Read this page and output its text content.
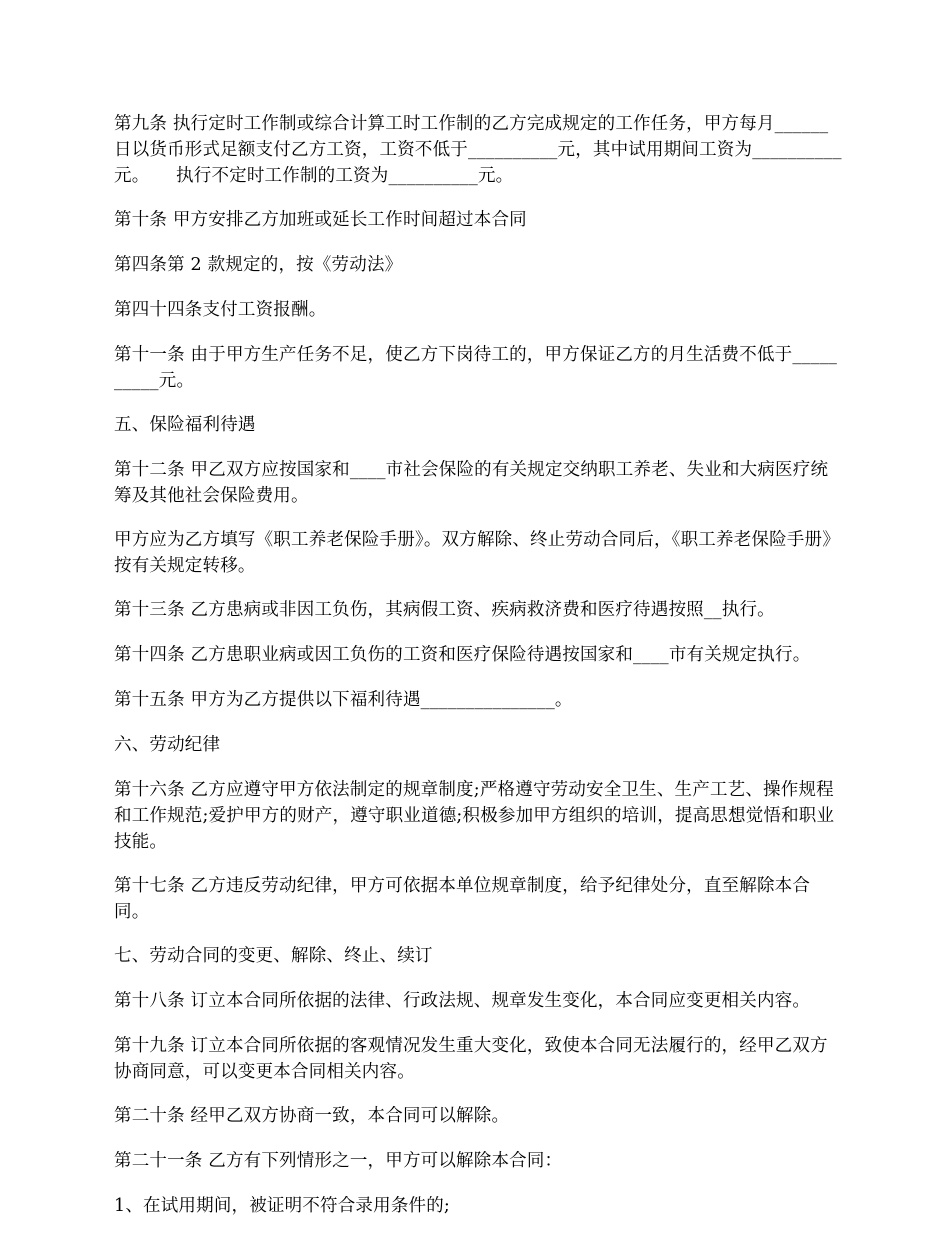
第九条 执行定时工作制或综合计算工时工作制的乙方完成规定的工作任务，甲方每月______日以货币形式足额支付乙方工资，工资不低于__________元，其中试用期间工资为__________元。　　执行不定时工作制的工资为__________元。

第十条 甲方安排乙方加班或延长工作时间超过本合同

第四条第 2 款规定的，按《劳动法》

第四十四条支付工资报酬。

第十一条 由于甲方生产任务不足，使乙方下岗待工的，甲方保证乙方的月生活费不低于__________元。

五、保险福利待遇

第十二条 甲乙双方应按国家和____市社会保险的有关规定交纳职工养老、失业和大病医疗统筹及其他社会保险费用。

甲方应为乙方填写《职工养老保险手册》。双方解除、终止劳动合同后，《职工养老保险手册》按有关规定转移。

第十三条 乙方患病或非因工负伤，其病假工资、疾病救济费和医疗待遇按照__执行。

第十四条 乙方患职业病或因工负伤的工资和医疗保险待遇按国家和____市有关规定执行。

第十五条 甲方为乙方提供以下福利待遇_______________。

六、劳动纪律

第十六条 乙方应遵守甲方依法制定的规章制度;严格遵守劳动安全卫生、生产工艺、操作规程和工作规范;爱护甲方的财产，遵守职业道德;积极参加甲方组织的培训，提高思想觉悟和职业技能。

第十七条 乙方违反劳动纪律，甲方可依据本单位规章制度，给予纪律处分，直至解除本合同。

七、劳动合同的变更、解除、终止、续订

第十八条 订立本合同所依据的法律、行政法规、规章发生变化，本合同应变更相关内容。

第十九条 订立本合同所依据的客观情况发生重大变化，致使本合同无法履行的，经甲乙双方协商同意，可以变更本合同相关内容。

第二十条 经甲乙双方协商一致，本合同可以解除。

第二十一条 乙方有下列情形之一，甲方可以解除本合同：

1、在试用期间，被证明不符合录用条件的;
